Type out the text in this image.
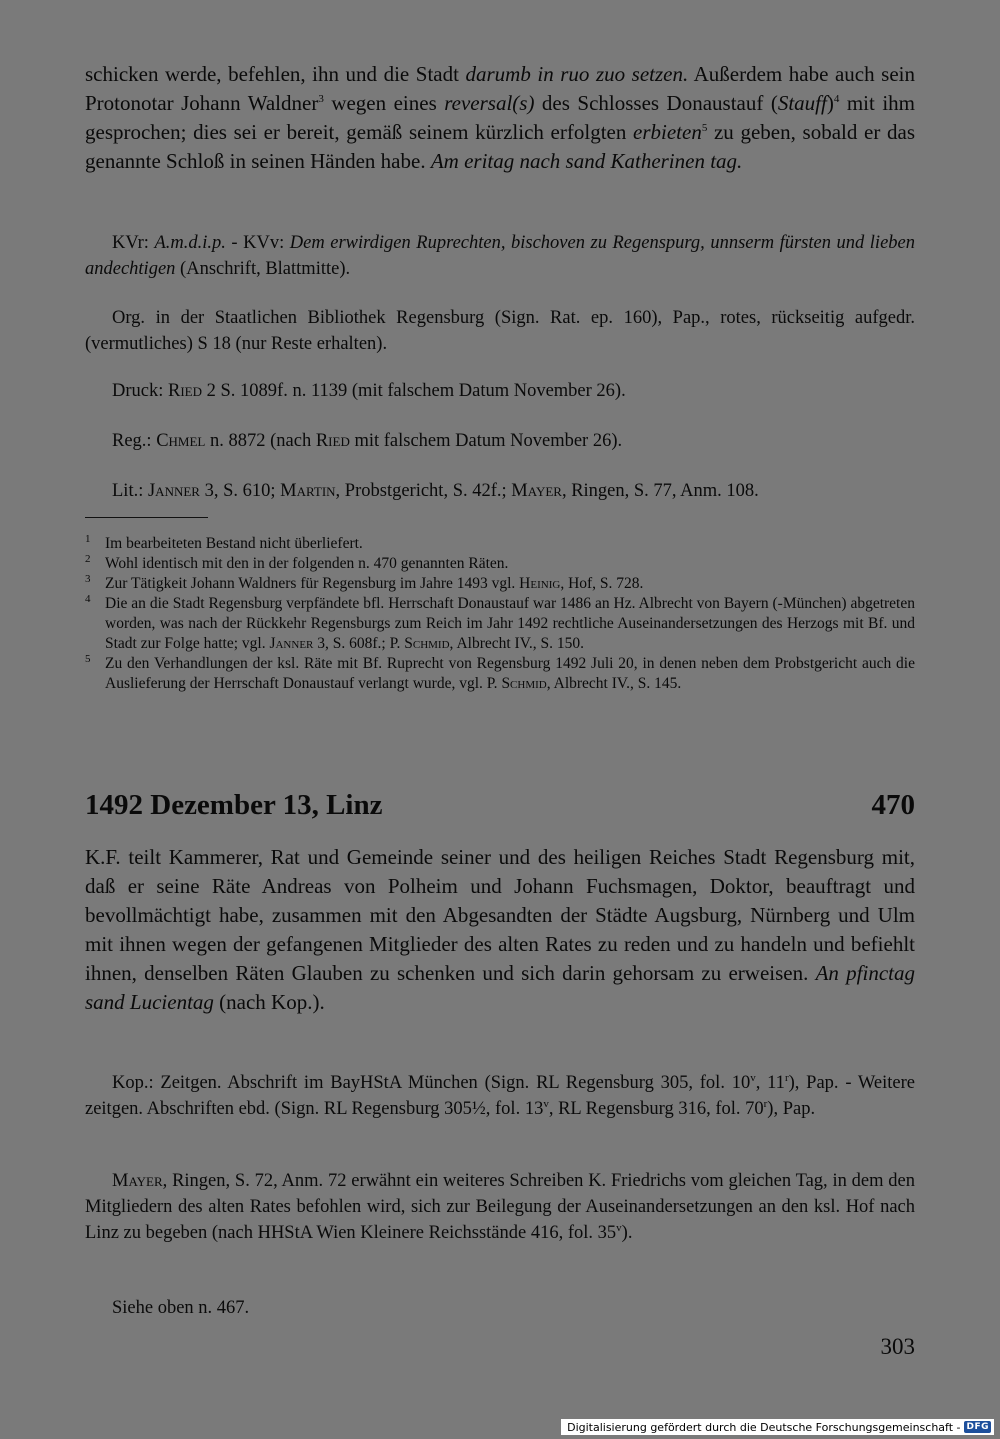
schicken werde, befehlen, ihn und die Stadt darumb in ruo zuo setzen. Außerdem habe auch sein Protonotar Johann Waldner$^3$ wegen eines reversal(s) des Schlosses Donaustauf (Stauff)$^4$ mit ihm gesprochen; dies sei er bereit, gemäß seinem kürzlich erfolgten erbieten$^5$ zu geben, sobald er das genannte Schloß in seinen Händen habe. Am eritag nach sand Katherinen tag.

KVr: A.m.d.i.p. - KVv: Dem erwirdigen Ruprechten, bischoven zu Regenspurg, unnserm fürsten und lieben andechtigen (Anschrift, Blattmitte).

Org. in der Staatlichen Bibliothek Regensburg (Sign. Rat. ep. 160), Pap., rotes, rückseitig aufgedr. (vermutliches) S 18 (nur Reste erhalten).

Druck: Ried 2 S. 1089f. n. 1139 (mit falschem Datum November 26).

Reg.: Chmel n. 8872 (nach Ried mit falschem Datum November 26).

Lit.: Janner 3, S. 610; Martin, Probstgericht, S. 42f.; Mayer, Ringen, S. 77, Anm. 108.

1 Im bearbeiteten Bestand nicht überliefert.
2 Wohl identisch mit den in der folgenden n. 470 genannten Räten.
3 Zur Tätigkeit Johann Waldners für Regensburg im Jahre 1493 vgl. Heinig, Hof, S. 728.
4 Die an die Stadt Regensburg verpfändete bfl. Herrschaft Donaustauf war 1486 an Hz. Albrecht von Bayern (-München) abgetreten worden, was nach der Rückkehr Regensburgs zum Reich im Jahr 1492 rechtliche Auseinandersetzungen des Herzogs mit Bf. und Stadt zur Folge hatte; vgl. Janner 3, S. 608f.; P. Schmid, Albrecht IV., S. 150.
5 Zu den Verhandlungen der ksl. Räte mit Bf. Ruprecht von Regensburg 1492 Juli 20, in denen neben dem Probstgericht auch die Auslieferung der Herrschaft Donaustauf verlangt wurde, vgl. P. Schmid, Albrecht IV., S. 145.
1492 Dezember 13, Linz	470

K.F. teilt Kammerer, Rat und Gemeinde seiner und des heiligen Reiches Stadt Regensburg mit, daß er seine Räte Andreas von Polheim und Johann Fuchsmagen, Doktor, beauftragt und bevollmächtigt habe, zusammen mit den Abgesandten der Städte Augsburg, Nürnberg und Ulm mit ihnen wegen der gefangenen Mitglieder des alten Rates zu reden und zu handeln und befiehlt ihnen, denselben Räten Glauben zu schenken und sich darin gehorsam zu erweisen. An pfinctag sand Lucientag (nach Kop.).

Kop.: Zeitgen. Abschrift im BayHStA München (Sign. RL Regensburg 305, fol. 10$^v$, 11$^r$), Pap. - Weitere zeitgen. Abschriften ebd. (Sign. RL Regensburg 305½, fol. 13$^v$, RL Regensburg 316, fol. 70$^r$), Pap.

Mayer, Ringen, S. 72, Anm. 72 erwähnt ein weiteres Schreiben K. Friedrichs vom gleichen Tag, in dem den Mitgliedern des alten Rates befohlen wird, sich zur Beilegung der Auseinandersetzungen an den ksl. Hof nach Linz zu begeben (nach HHStA Wien Kleinere Reichsstände 416, fol. 35$^v$).

Siehe oben n. 467.

303
Digitalisierung gefördert durch die Deutsche Forschungsgemeinschaft - DFG
